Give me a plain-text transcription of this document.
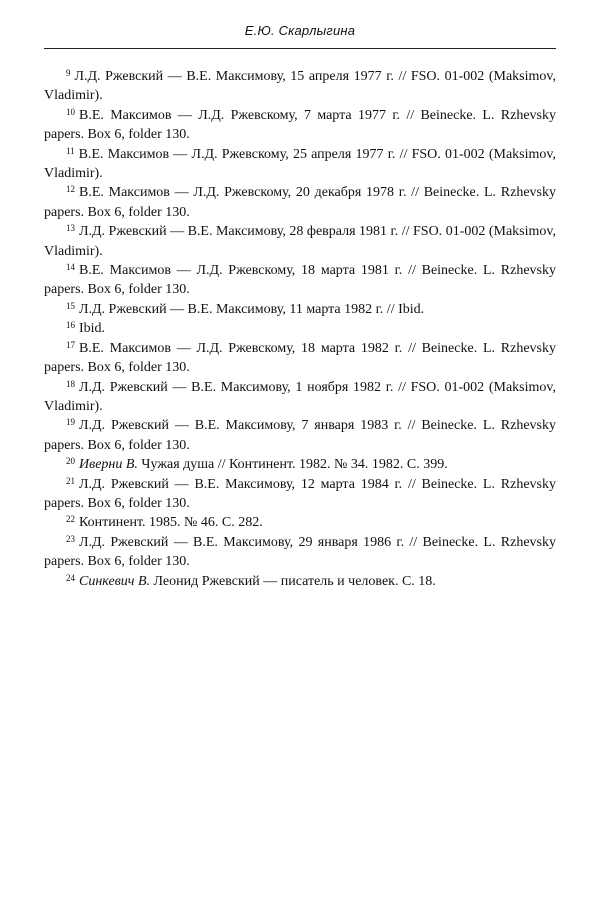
Е.Ю. Скарлыгина

$^9$ Л.Д. Ржевский — В.Е. Максимову, 15 апреля 1977 г. // FSO. 01-002 (Maksimov, Vladimir).

$^{10}$ В.Е. Максимов — Л.Д. Ржевскому, 7 марта 1977 г. // Beinecke. L. Rzhevsky papers. Box 6, folder 130.

$^{11}$ В.Е. Максимов — Л.Д. Ржевскому, 25 апреля 1977 г. // FSO. 01-002 (Maksimov, Vladimir).

$^{12}$ В.Е. Максимов — Л.Д. Ржевскому, 20 декабря 1978 г. // Beinecke. L. Rzhevsky papers. Box 6, folder 130.

$^{13}$ Л.Д. Ржевский — В.Е. Максимову, 28 февраля 1981 г. // FSO. 01-002 (Maksimov, Vladimir).

$^{14}$ В.Е. Максимов — Л.Д. Ржевскому, 18 марта 1981 г. // Beinecke. L. Rzhevsky papers. Box 6, folder 130.

$^{15}$ Л.Д. Ржевский — В.Е. Максимову, 11 марта 1982 г. // Ibid.

$^{16}$ Ibid.

$^{17}$ В.Е. Максимов — Л.Д. Ржевскому, 18 марта 1982 г. // Beinecke. L. Rzhevsky papers. Box 6, folder 130.

$^{18}$ Л.Д. Ржевский — В.Е. Максимову, 1 ноября 1982 г. // FSO. 01-002 (Maksimov, Vladimir).

$^{19}$ Л.Д. Ржевский — В.Е. Максимову, 7 января 1983 г. // Beinecke. L. Rzhevsky papers. Box 6, folder 130.

$^{20}$ Иверни В. Чужая душа // Континент. 1982. № 34. 1982. С. 399.

$^{21}$ Л.Д. Ржевский — В.Е. Максимову, 12 марта 1984 г. // Beinecke. L. Rzhevsky papers. Box 6, folder 130.

$^{22}$ Континент. 1985. № 46. С. 282.

$^{23}$ Л.Д. Ржевский — В.Е. Максимову, 29 января 1986 г. // Beinecke. L. Rzhevsky papers. Box 6, folder 130.

$^{24}$ Синкевич В. Леонид Ржевский — писатель и человек. С. 18.
